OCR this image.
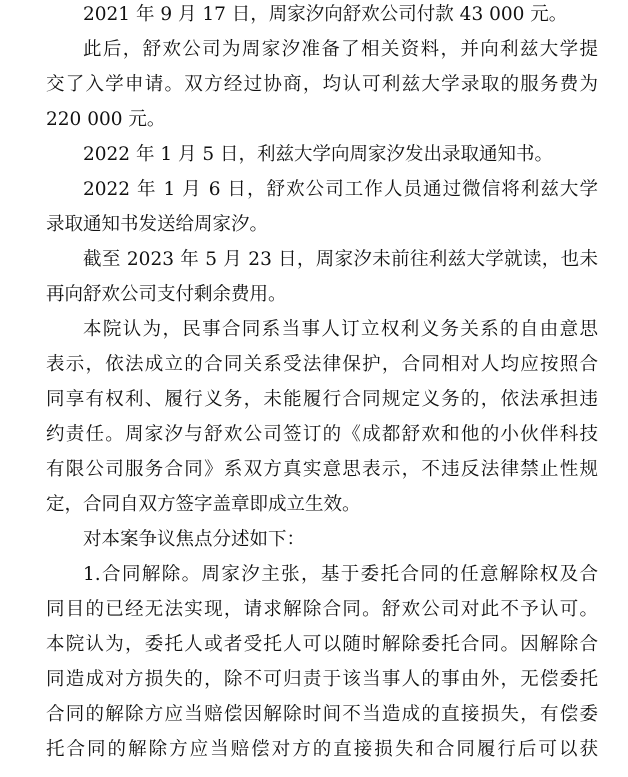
2021 年 9 月 17 日，周家汐向舒欢公司付款 43 000 元。

此后，舒欢公司为周家汐准备了相关资料，并向利兹大学提
交了入学申请。双方经过协商，均认可利兹大学录取的服务费为
220 000 元。

2022 年 1 月 5 日，利兹大学向周家汐发出录取通知书。

2022 年 1 月 6 日，舒欢公司工作人员通过微信将利兹大学
录取通知书发送给周家汐。

截至 2023 年 5 月 23 日，周家汐未前往利兹大学就读，也未
再向舒欢公司支付剩余费用。

本院认为，民事合同系当事人订立权利义务关系的自由意思
表示，依法成立的合同关系受法律保护，合同相对人均应按照合
同享有权利、履行义务，未能履行合同规定义务的，依法承担违
约责任。周家汐与舒欢公司签订的《成都舒欢和他的小伙伴科技
有限公司服务合同》系双方真实意思表示，不违反法律禁止性规
定，合同自双方签字盖章即成立生效。

对本案争议焦点分述如下：

1.合同解除。周家汐主张，基于委托合同的任意解除权及合
同目的已经无法实现，请求解除合同。舒欢公司对此不予认可。
本院认为，委托人或者受托人可以随时解除委托合同。因解除合
同造成对方损失的，除不可归责于该当事人的事由外，无偿委托
合同的解除方应当赔偿因解除时间不当造成的直接损失，有偿委
托合同的解除方应当赔偿对方的直接损失和合同履行后可以获
